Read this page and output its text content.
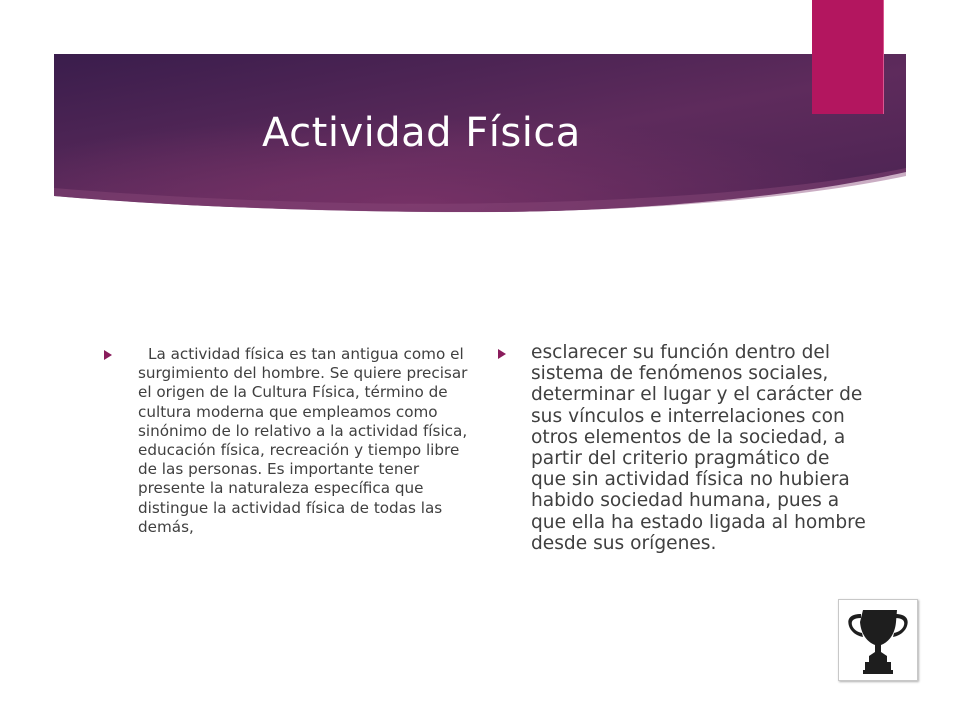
Actividad Física
La actividad física es tan antigua como el surgimiento del hombre. Se quiere precisar el origen de la Cultura Física, término de cultura moderna que empleamos como sinónimo de lo relativo a la actividad física, educación física, recreación y tiempo libre de las personas. Es importante tener presente la naturaleza específica que distingue la actividad física de todas las demás,
esclarecer su función dentro del sistema de fenómenos sociales, determinar el lugar y el carácter de sus vínculos e interrelaciones con otros elementos de la sociedad, a partir del criterio pragmático de que sin actividad física no hubiera habido sociedad humana, pues a que ella ha estado ligada al hombre desde sus orígenes.
